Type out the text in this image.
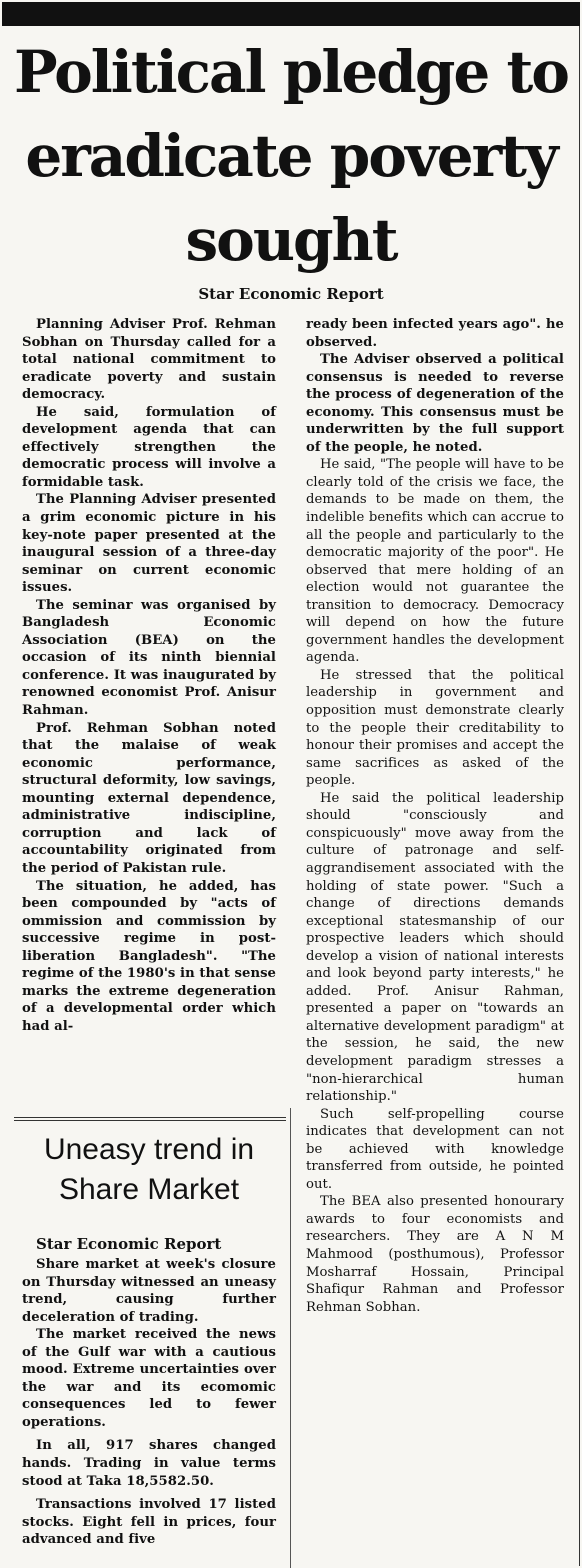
Political pledge to eradicate poverty sought
Star Economic Report

Planning Adviser Prof. Rehman Sobhan on Thursday called for a total national commitment to eradicate poverty and sustain democracy.

He said, formulation of development agenda that can effectively strengthen the democratic process will involve a formidable task.

The Planning Adviser presented a grim economic picture in his key-note paper presented at the inaugural session of a three-day seminar on current economic issues.

The seminar was organised by Bangladesh Economic Association (BEA) on the occasion of its ninth biennial conference. It was inaugurated by renowned economist Prof. Anisur Rahman.

Prof. Rehman Sobhan noted that the malaise of weak economic performance, structural deformity, low savings, mounting external dependence, administrative indiscipline, corruption and lack of accountability originated from the period of Pakistan rule.

The situation, he added, has been compounded by "acts of ommission and commission by successive regime in post-liberation Bangladesh". "The regime of the 1980's in that sense marks the extreme degeneration of a developmental order which had al-

ready been infected years ago". he observed.

The Adviser observed a political consensus is needed to reverse the process of degeneration of the economy. This consensus must be underwritten by the full support of the people, he noted.

He said, "The people will have to be clearly told of the crisis we face, the demands to be made on them, the indelible benefits which can accrue to all the people and particularly to the democratic majority of the poor". He observed that mere holding of an election would not guarantee the transition to democracy. Democracy will depend on how the future government handles the development agenda.

He stressed that the political leadership in government and opposition must demonstrate clearly to the people their creditability to honour their promises and accept the same sacrifices as asked of the people.

He said the political leadership should "consciously and conspicuously" move away from the culture of patronage and self-aggrandisement associated with the holding of state power. "Such a change of directions demands exceptional statesmanship of our prospective leaders which should develop a vision of national interests and look beyond party interests," he added. Prof. Anisur Rahman, presented a paper on "towards an alternative development paradigm" at the session, he said, the new development paradigm stresses a "non-hierarchical human relationship."

Such self-propelling course indicates that development can not be achieved with knowledge transferred from outside, he pointed out.

The BEA also presented honourary awards to four economists and researchers. They are A N M Mahmood (posthumous), Professor Mosharraf Hossain, Principal Shafiqur Rahman and Professor Rehman Sobhan.

Uneasy trend in Share Market
Star Economic Report

Share market at week's closure on Thursday witnessed an uneasy trend, causing further deceleration of trading.

The market received the news of the Gulf war with a cautious mood. Extreme uncertainties over the war and its ecomomic consequences led to fewer operations.

In all, 917 shares changed hands. Trading in value terms stood at Taka 18,5582.50.

Transactions involved 17 listed stocks. Eight fell in prices, four advanced and five
